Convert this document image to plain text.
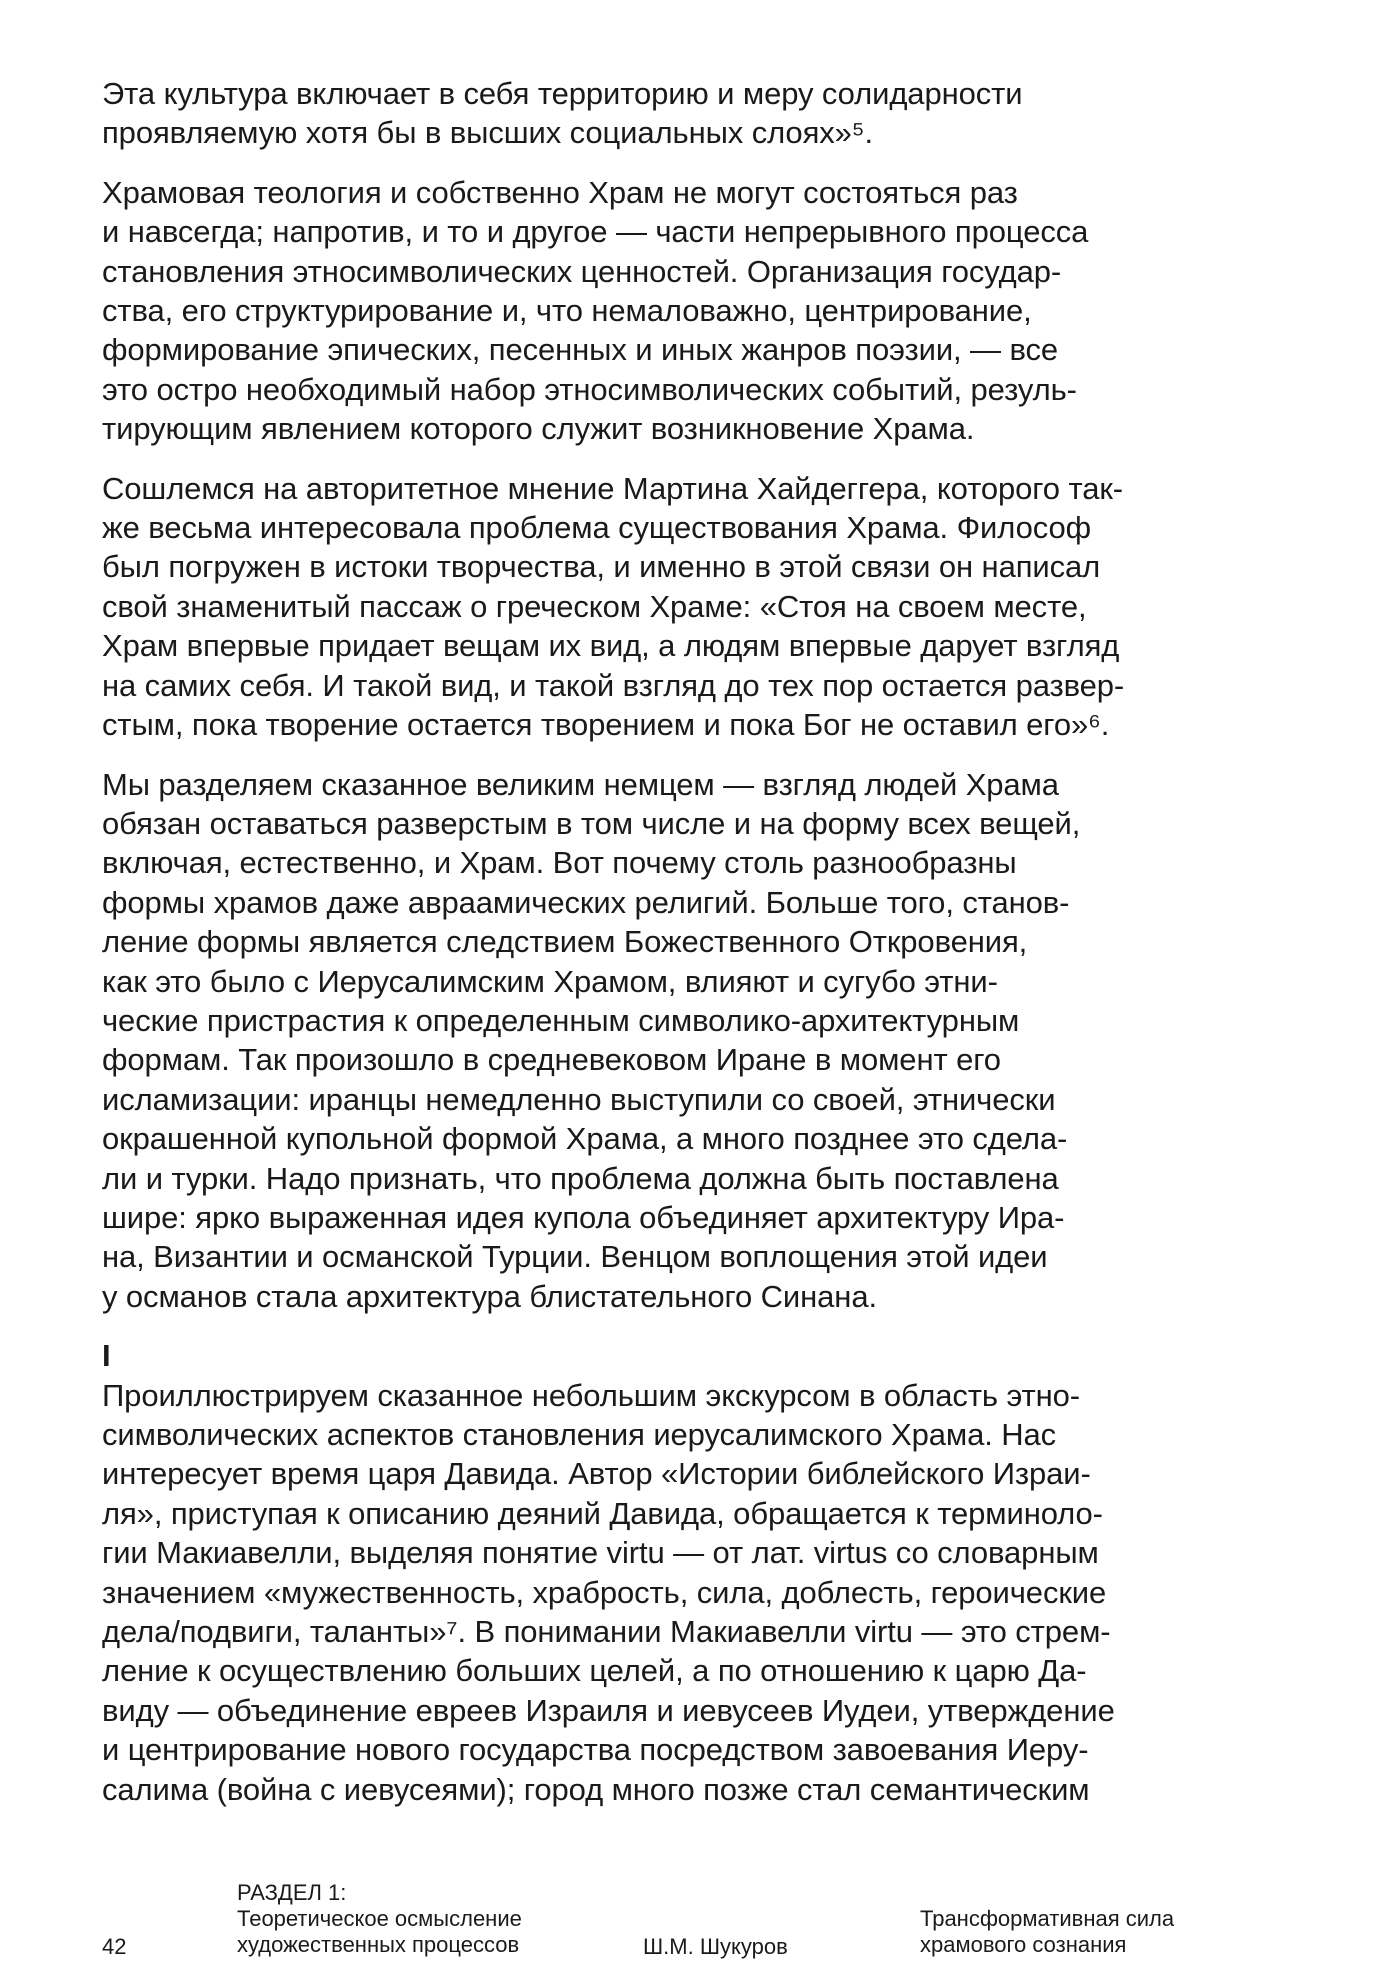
Эта культура включает в себя территорию и меру солидарности
проявляемую хотя бы в высших социальных слоях»⁵.

Храмовая теология и собственно Храм не могут состояться раз
и навсегда; напротив, и то и другое — части непрерывного процесса
становления этносимволических ценностей. Организация государ-
ства, его структурирование и, что немаловажно, центрирование,
формирование эпических, песенных и иных жанров поэзии, — все
это остро необходимый набор этносимволических событий, резуль-
тирующим явлением которого служит возникновение Храма.

Сошлемся на авторитетное мнение Мартина Хайдеггера, которого так-
же весьма интересовала проблема существования Храма. Философ
был погружен в истоки творчества, и именно в этой связи он написал
свой знаменитый пассаж о греческом Храме: «Стоя на своем месте,
Храм впервые придает вещам их вид, а людям впервые дарует взгляд
на самих себя. И такой вид, и такой взгляд до тех пор остается развер-
стым, пока творение остается творением и пока Бог не оставил его»⁶.

Мы разделяем сказанное великим немцем — взгляд людей Храма
обязан оставаться разверстым в том числе и на форму всех вещей,
включая, естественно, и Храм. Вот почему столь разнообразны
формы храмов даже авраамических религий. Больше того, станов-
ление формы является следствием Божественного Откровения,
как это было с Иерусалимским Храмом, влияют и сугубо этни-
ческие пристрастия к определенным символико-архитектурным
формам. Так произошло в средневековом Иране в момент его
исламизации: иранцы немедленно выступили со своей, этнически
окрашенной купольной формой Храма, а много позднее это сделa-
ли и турки. Надо признать, что проблема должна быть поставлена
шире: ярко выраженная идея купола объединяет архитектуру Ира-
на, Византии и османской Турции. Венцом воплощения этой идеи
у османов стала архитектура блистательного Синана.

I

Проиллюстрируем сказанное небольшим экскурсом в область этно-
символических аспектов становления иерусалимского Храма. Нас
интересует время царя Давида. Автор «Истории библейского Израи-
ля», приступая к описанию деяний Давида, обращается к терминоло-
гии Макиавелли, выделяя понятие virtu — от лат. virtus со словарным
значением «мужественность, храбрость, сила, доблесть, героические
дела/подвиги, таланты»⁷. В понимании Макиавелли virtu — это стрем-
ление к осуществлению больших целей, а по отношению к царю Да-
виду — объединение евреев Израиля и иевусеев Иудеи, утверждение
и центрирование нового государства посредством завоевания Иеру-
салима (война с иевусеями); город много позже стал семантическим

42
РАЗДЕЛ 1:
Теоретическое осмысление
художественных процессов	Ш.М. Шукуров
Трансформативная сила
храмового сознания
